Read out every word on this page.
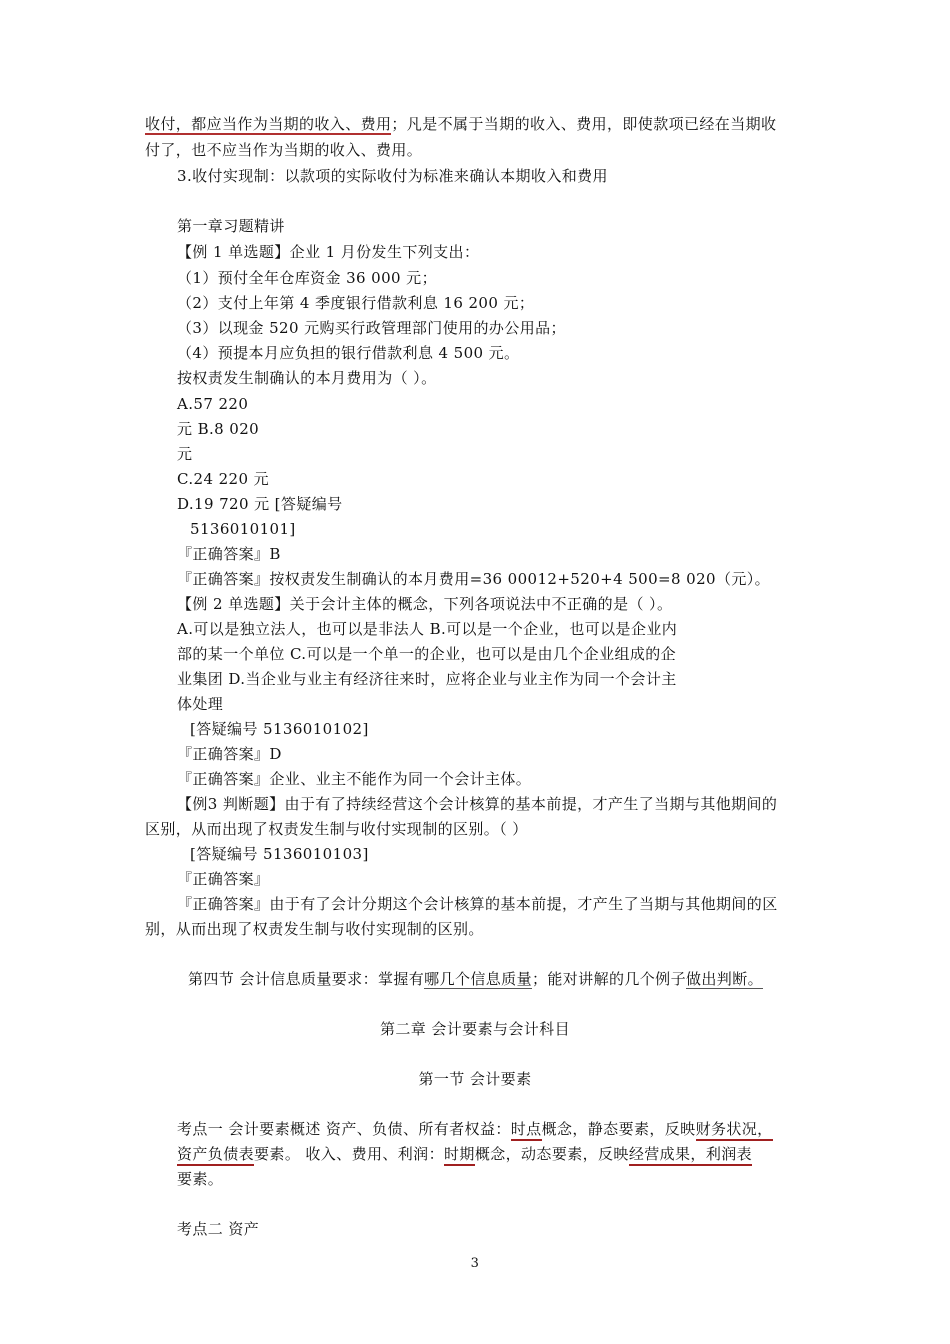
收付，都应当作为当期的收入、费用；凡是不属于当期的收入、费用，即使款项已经在当期收
付了，也不应当作为当期的收入、费用。
3.收付实现制：以款项的实际收付为标准来确认本期收入和费用
第一章习题精讲
【例 1 单选题】企业 1 月份发生下列支出：
（1）预付全年仓库资金 36 000 元；
（2）支付上年第 4 季度银行借款利息 16 200 元；
（3）以现金 520 元购买行政管理部门使用的办公用品；
（4）预提本月应负担的银行借款利息 4 500 元。
按权责发生制确认的本月费用为（ ）。
A.57 220
元 B.8 020
元
C.24 220 元
D.19 720 元 [答疑编号
5136010101]
『正确答案』B
『正确答案』按权责发生制确认的本月费用=36 00012+520+4 500=8 020（元）。
【例 2 单选题】关于会计主体的概念，下列各项说法中不正确的是（ ）。
A.可以是独立法人，也可以是非法人 B.可以是一个企业，也可以是企业内
部的某一个单位 C.可以是一个单一的企业，也可以是由几个企业组成的企
业集团 D.当企业与业主有经济往来时，应将企业与业主作为同一个会计主
体处理
[答疑编号 5136010102]
『正确答案』D
『正确答案』企业、业主不能作为同一个会计主体。
【例3 判断题】由于有了持续经营这个会计核算的基本前提，才产生了当期与其他期间的
区别，从而出现了权责发生制与收付实现制的区别。（ ）
[答疑编号 5136010103]
『正确答案』
『正确答案』由于有了会计分期这个会计核算的基本前提，才产生了当期与其他期间的区
别，从而出现了权责发生制与收付实现制的区别。
第四节 会计信息质量要求：掌握有哪几个信息质量；能对讲解的几个例子做出判断。
第二章 会计要素与会计科目
第一节 会计要素
考点一 会计要素概述 资产、负债、所有者权益：时点概念，静态要素，反映财务状况，
资产负债表要素。 收入、费用、利润：时期概念，动态要素，反映经营成果，利润表
要素。
考点二 资产
3
